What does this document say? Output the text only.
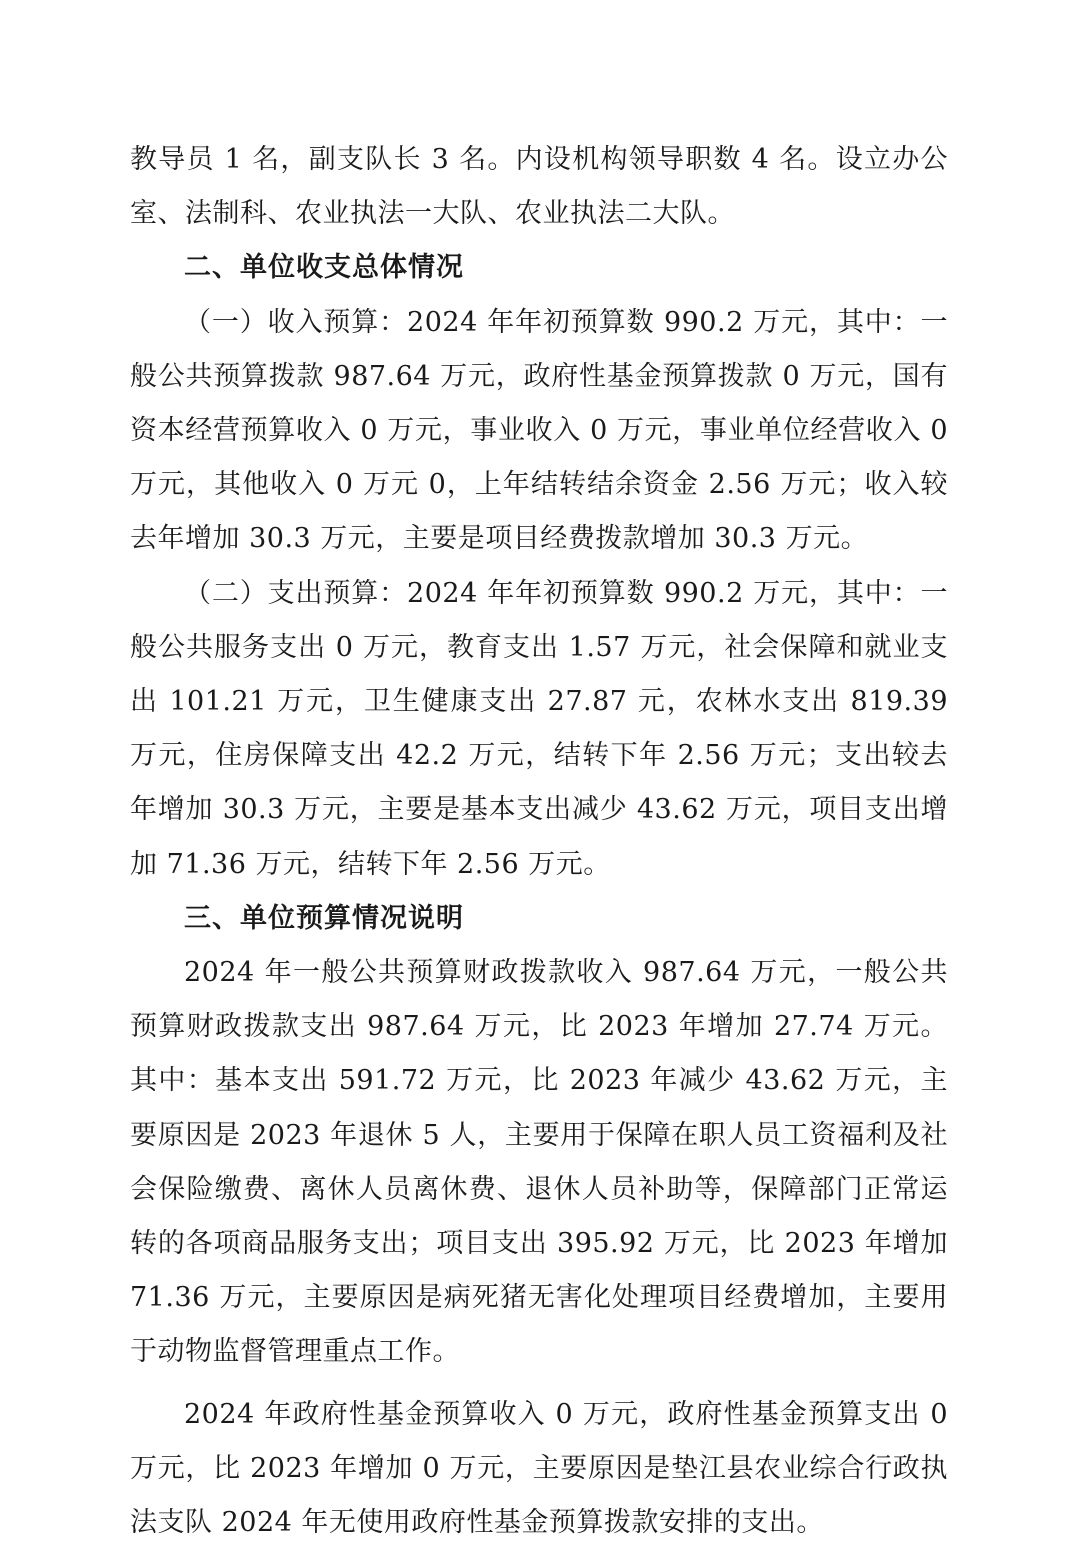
教导员 1 名，副支队长 3 名。内设机构领导职数 4 名。设立办公室、法制科、农业执法一大队、农业执法二大队。

二、单位收支总体情况

（一）收入预算：2024 年年初预算数 990.2 万元，其中：一般公共预算拨款 987.64 万元，政府性基金预算拨款 0 万元，国有资本经营预算收入 0 万元，事业收入 0 万元，事业单位经营收入 0 万元，其他收入 0 万元 0，上年结转结余资金 2.56 万元；收入较去年增加 30.3 万元，主要是项目经费拨款增加 30.3 万元。

（二）支出预算：2024 年年初预算数 990.2 万元，其中：一般公共服务支出 0 万元，教育支出 1.57 万元，社会保障和就业支出 101.21 万元，卫生健康支出 27.87 元，农林水支出 819.39 万元，住房保障支出 42.2 万元，结转下年 2.56 万元；支出较去年增加 30.3 万元，主要是基本支出减少 43.62 万元，项目支出增加 71.36 万元，结转下年 2.56 万元。

三、单位预算情况说明

2024 年一般公共预算财政拨款收入 987.64 万元，一般公共预算财政拨款支出 987.64 万元，比 2023 年增加 27.74 万元。其中：基本支出 591.72 万元，比 2023 年减少 43.62 万元，主要原因是 2023 年退休 5 人，主要用于保障在职人员工资福利及社会保险缴费、离休人员离休费、退休人员补助等，保障部门正常运转的各项商品服务支出；项目支出 395.92 万元，比 2023 年增加 71.36 万元，主要原因是病死猪无害化处理项目经费增加，主要用于动物监督管理重点工作。

2024 年政府性基金预算收入 0 万元，政府性基金预算支出 0 万元，比 2023 年增加 0 万元，主要原因是垫江县农业综合行政执法支队 2024 年无使用政府性基金预算拨款安排的支出。
